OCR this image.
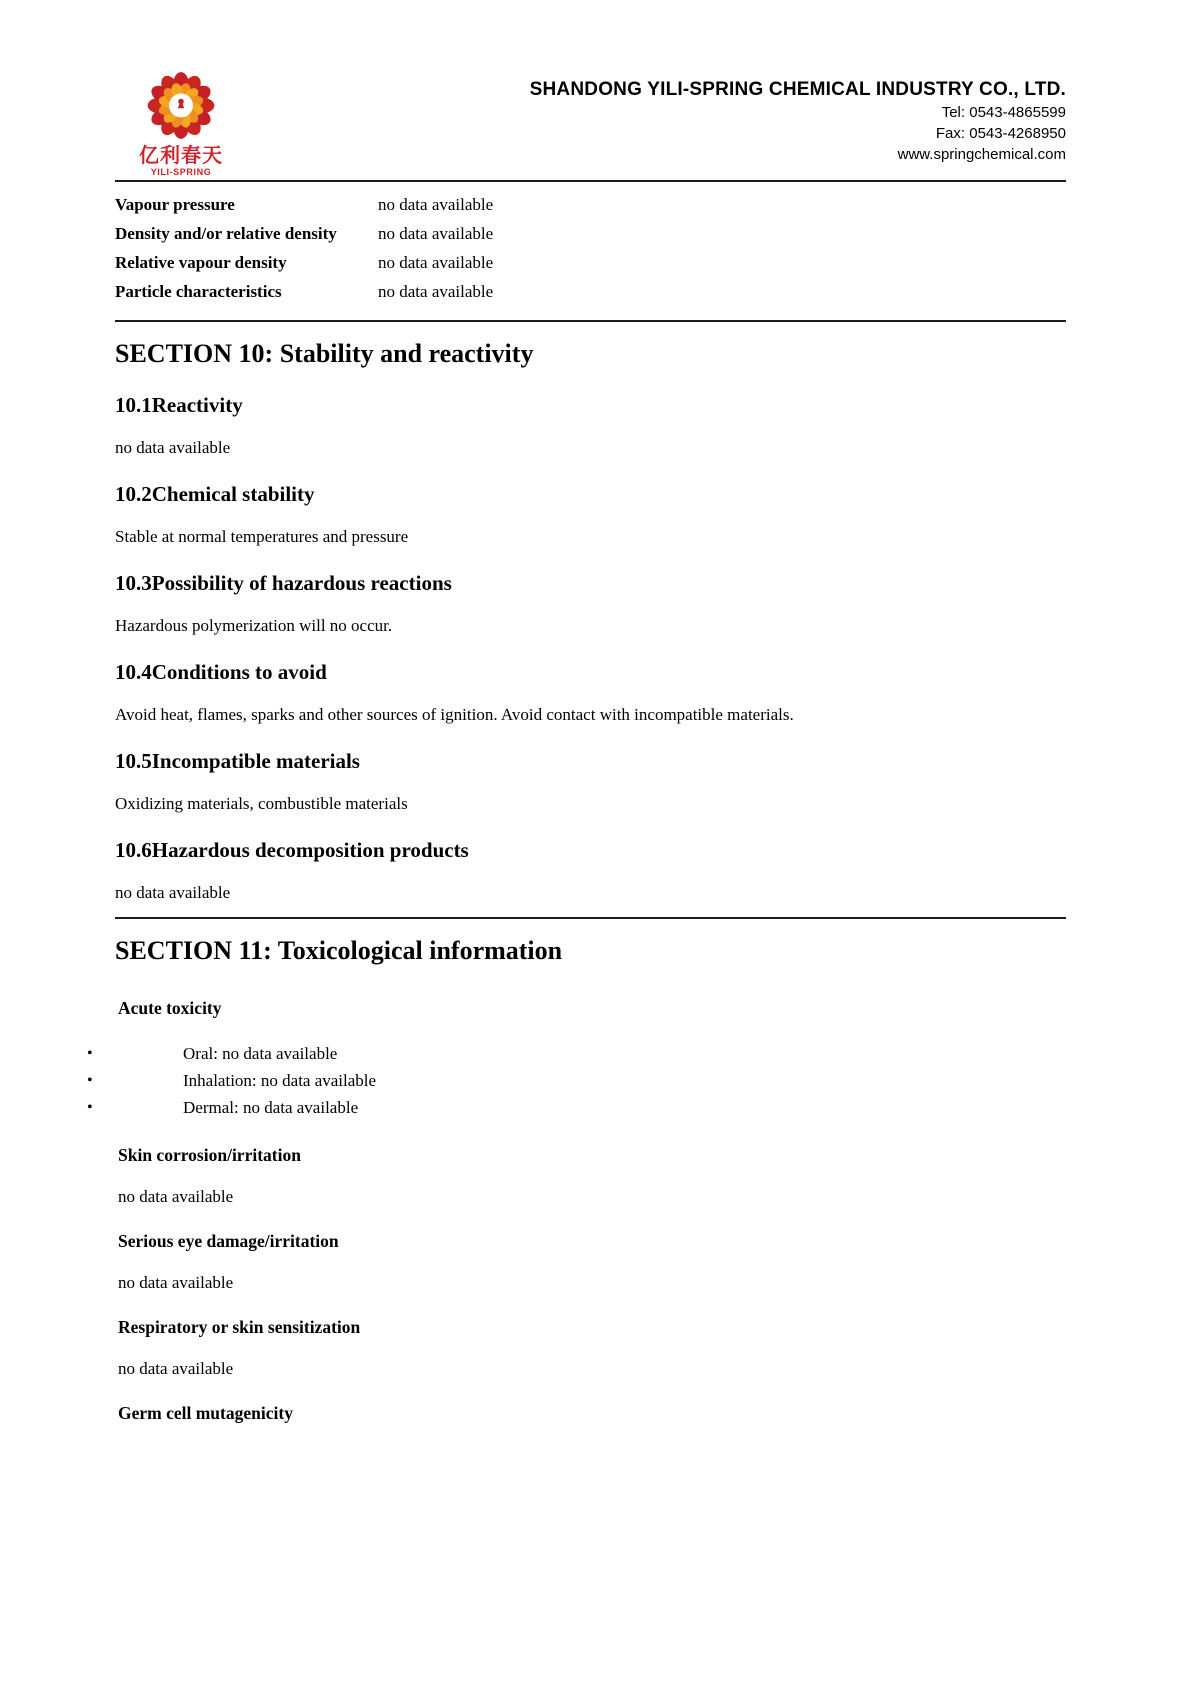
亿利春天
YILI-SPRING
SHANDONG YILI-SPRING CHEMICAL INDUSTRY CO., LTD.
Tel: 0543-4865599
Fax: 0543-4268950
www.springchemical.com
Vapour pressure	no data available
Density and/or relative density	no data available
Relative vapour density	no data available
Particle characteristics	no data available
SECTION 10: Stability and reactivity
10.1Reactivity

no data available

10.2Chemical stability

Stable at normal temperatures and pressure

10.3Possibility of hazardous reactions

Hazardous polymerization will no occur.

10.4Conditions to avoid

Avoid heat, flames, sparks and other sources of ignition. Avoid contact with incompatible materials.

10.5Incompatible materials

Oxidizing materials, combustible materials

10.6Hazardous decomposition products

no data available

SECTION 11: Toxicological information
Acute toxicity
•	Oral: no data available
•	Inhalation: no data available
•	Dermal: no data available
Skin corrosion/irritation

no data available

Serious eye damage/irritation

no data available

Respiratory or skin sensitization

no data available

Germ cell mutagenicity
